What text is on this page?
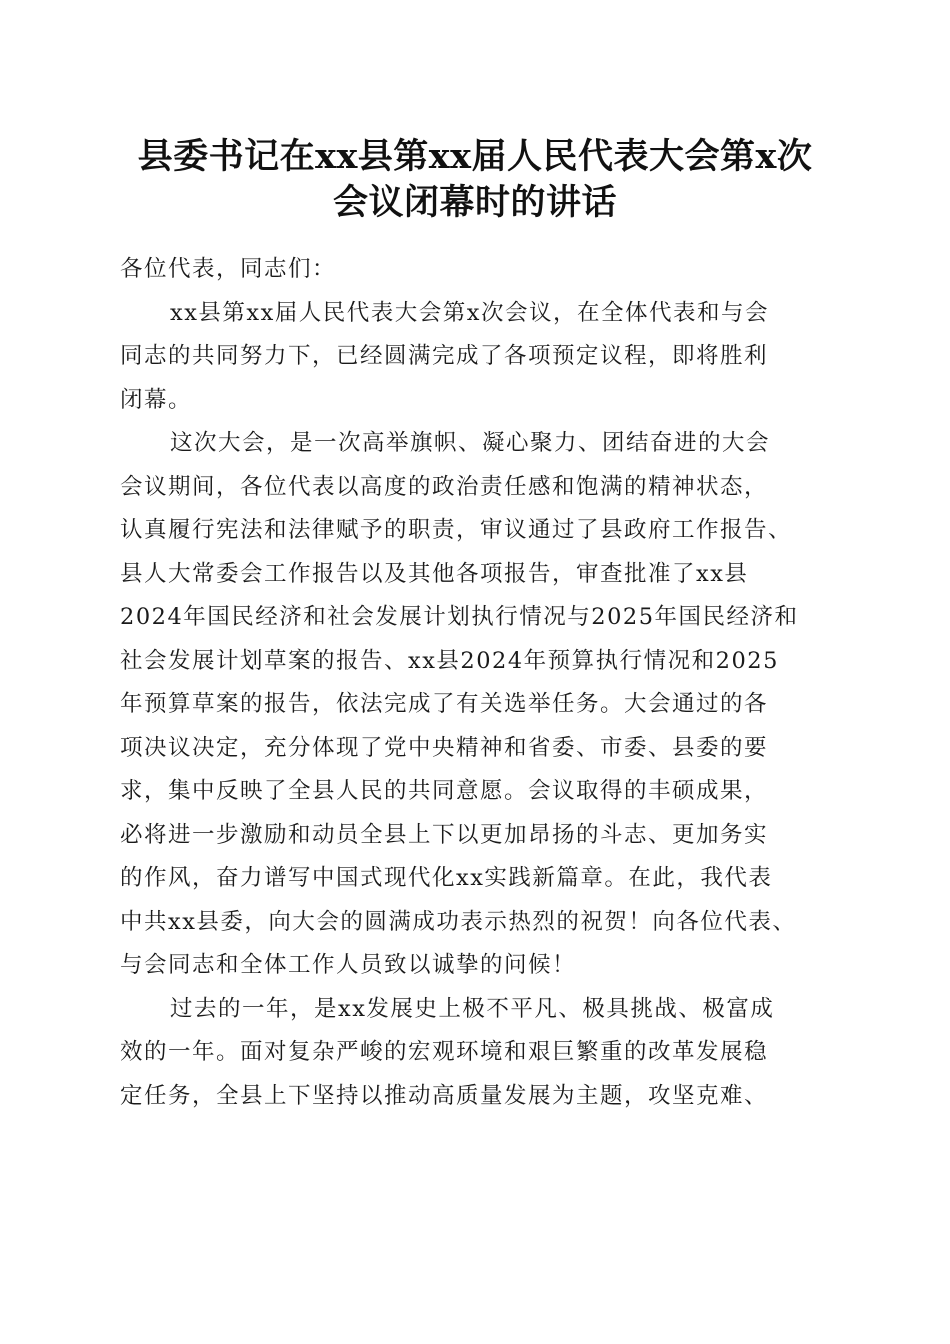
县委书记在xx县第xx届人民代表大会第x次
会议闭幕时的讲话
各位代表，同志们：
xx县第xx届人民代表大会第x次会议，在全体代表和与会
同志的共同努力下，已经圆满完成了各项预定议程，即将胜利
闭幕。
这次大会，是一次高举旗帜、凝心聚力、团结奋进的大会
会议期间，各位代表以高度的政治责任感和饱满的精神状态，
认真履行宪法和法律赋予的职责，审议通过了县政府工作报告、
县人大常委会工作报告以及其他各项报告，审查批准了xx县
2024年国民经济和社会发展计划执行情况与2025年国民经济和
社会发展计划草案的报告、xx县2024年预算执行情况和2025
年预算草案的报告，依法完成了有关选举任务。大会通过的各
项决议决定，充分体现了党中央精神和省委、市委、县委的要
求，集中反映了全县人民的共同意愿。会议取得的丰硕成果，
必将进一步激励和动员全县上下以更加昂扬的斗志、更加务实
的作风，奋力谱写中国式现代化xx实践新篇章。在此，我代表
中共xx县委，向大会的圆满成功表示热烈的祝贺！向各位代表、
与会同志和全体工作人员致以诚挚的问候！
过去的一年，是xx发展史上极不平凡、极具挑战、极富成
效的一年。面对复杂严峻的宏观环境和艰巨繁重的改革发展稳
定任务，全县上下坚持以推动高质量发展为主题，攻坚克难、
